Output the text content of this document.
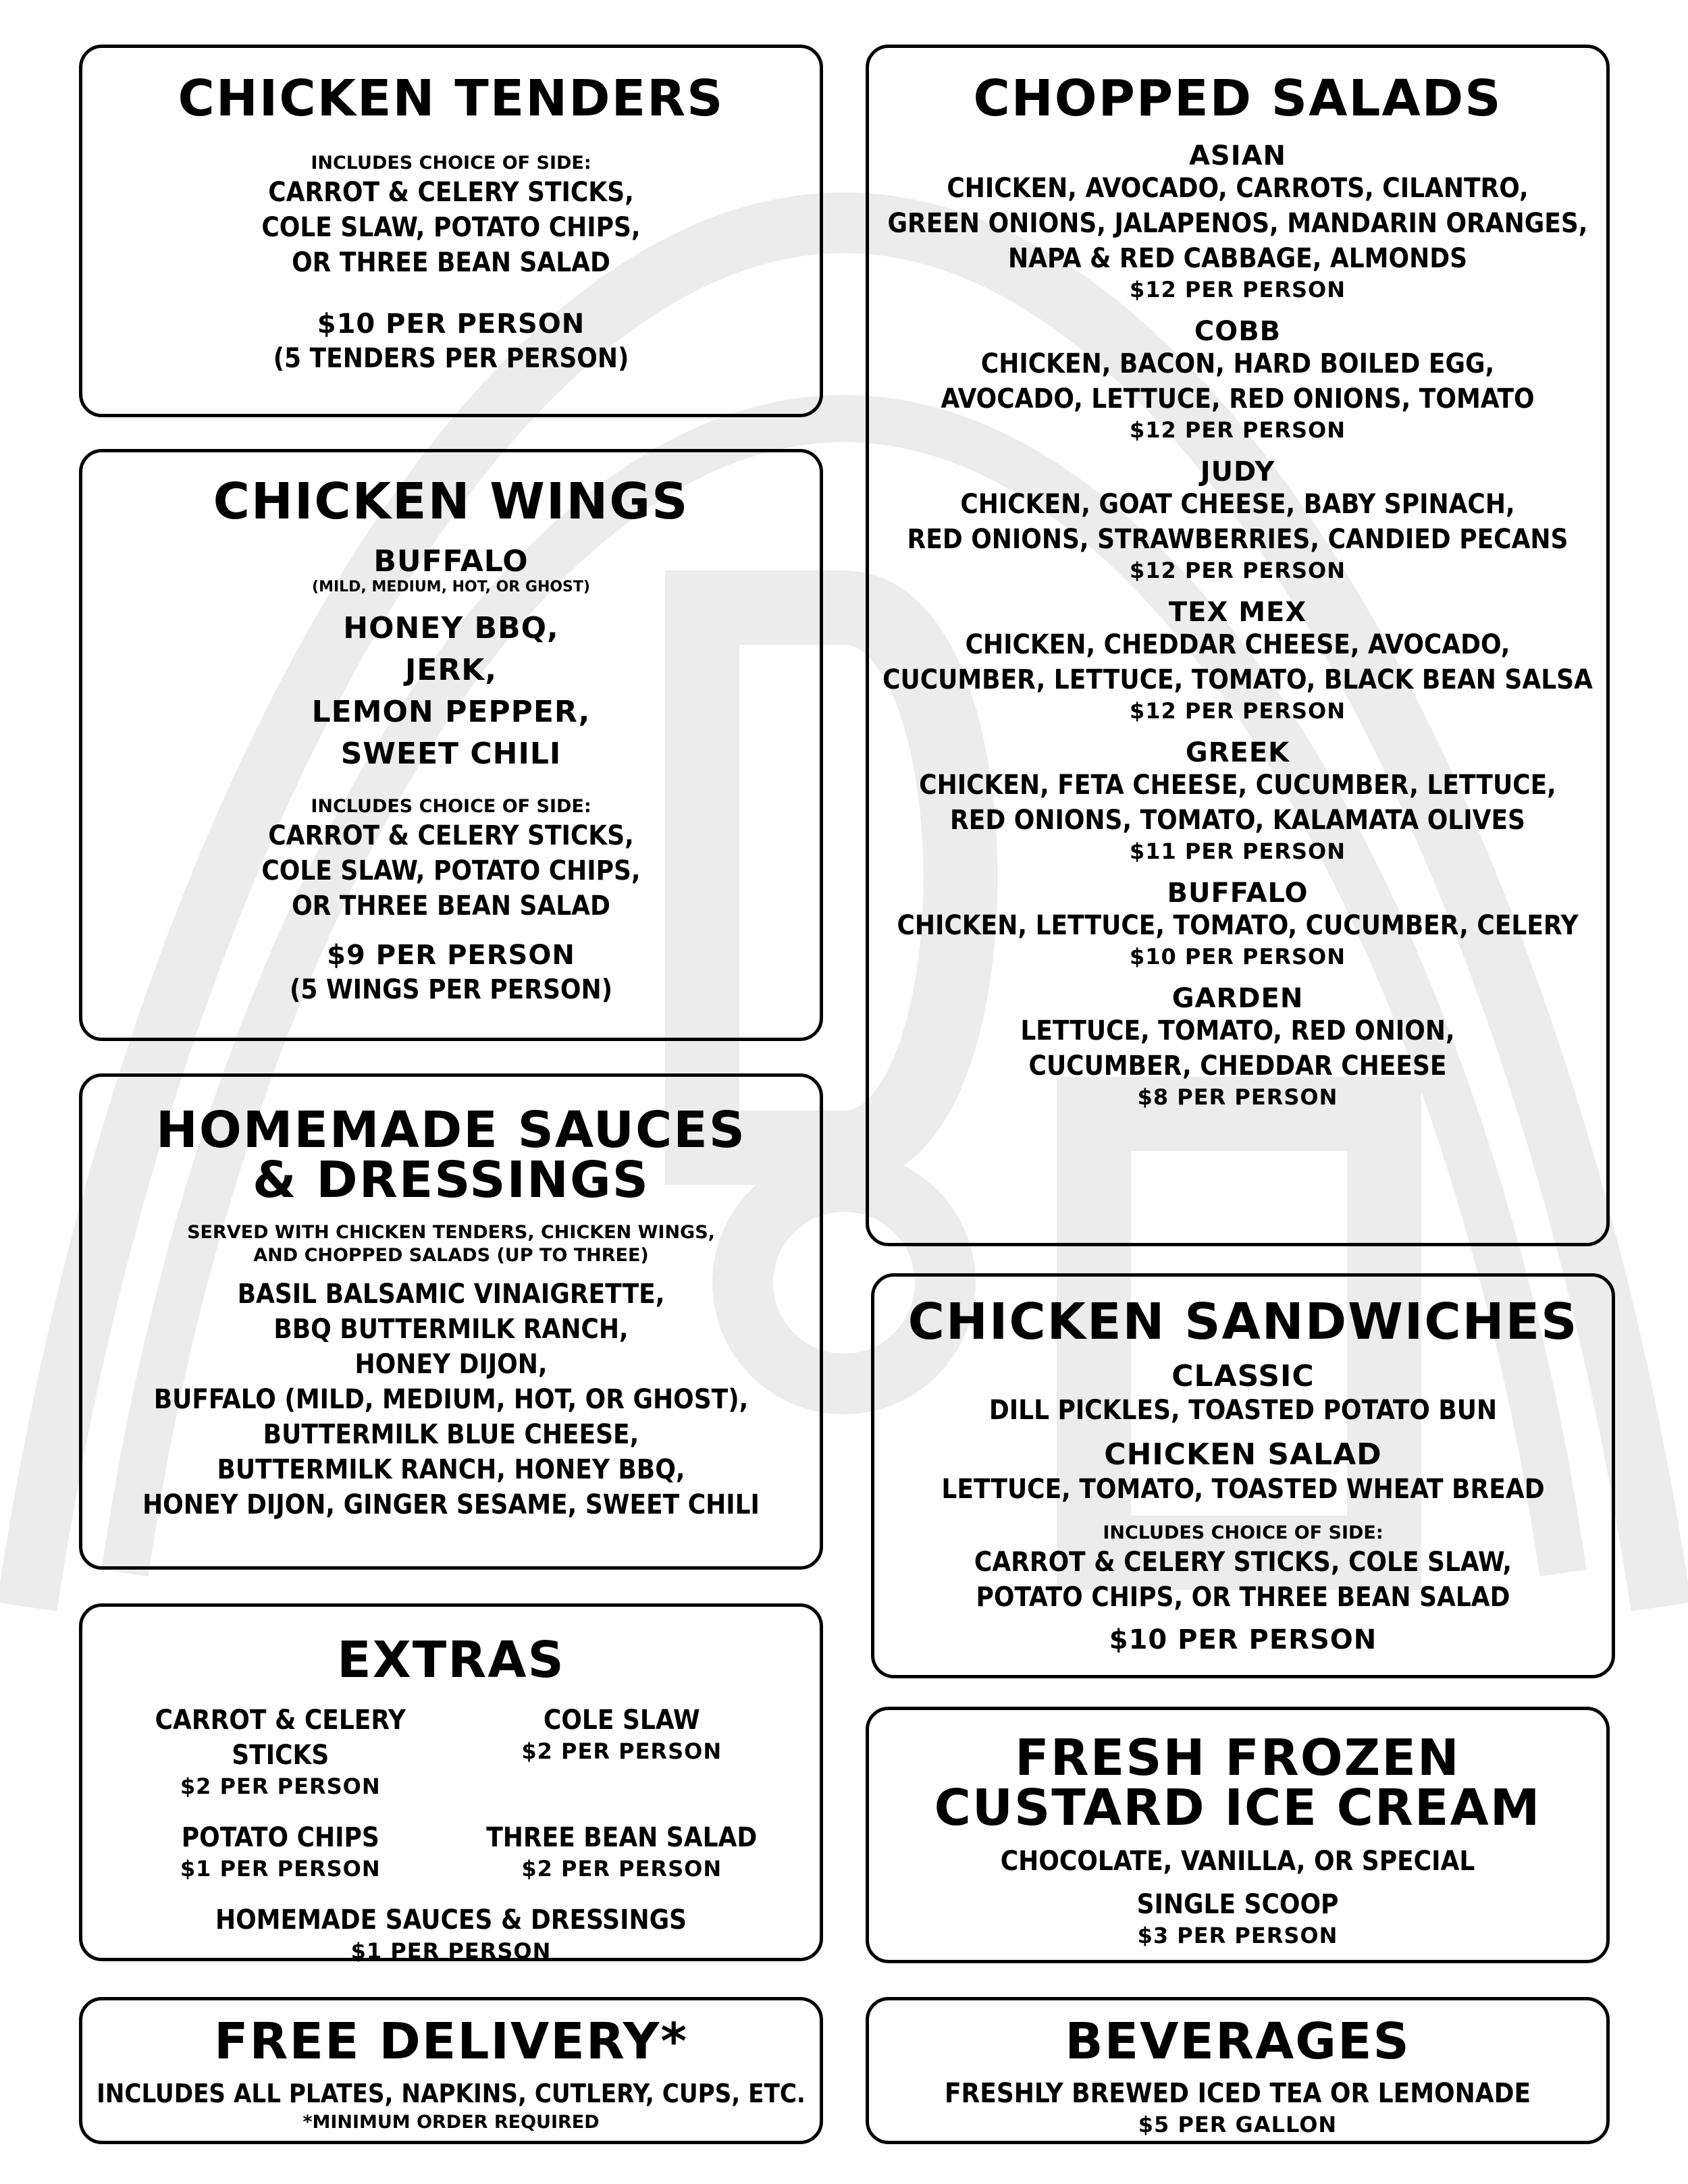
CHICKEN TENDERS
INCLUDES CHOICE OF SIDE:
CARROT & CELERY STICKS,
COLE SLAW, POTATO CHIPS,
OR THREE BEAN SALAD
$10 PER PERSON
(5 TENDERS PER PERSON)
CHICKEN WINGS
BUFFALO
(MILD, MEDIUM, HOT, OR GHOST)
HONEY BBQ,
JERK,
LEMON PEPPER,
SWEET CHILI
INCLUDES CHOICE OF SIDE:
CARROT & CELERY STICKS,
COLE SLAW, POTATO CHIPS,
OR THREE BEAN SALAD
$9 PER PERSON
(5 WINGS PER PERSON)
HOMEMADE SAUCES
& DRESSINGS
SERVED WITH CHICKEN TENDERS, CHICKEN WINGS,
AND CHOPPED SALADS (UP TO THREE)
BASIL BALSAMIC VINAIGRETTE,
BBQ BUTTERMILK RANCH,
HONEY DIJON,
BUFFALO (MILD, MEDIUM, HOT, OR GHOST),
BUTTERMILK BLUE CHEESE,
BUTTERMILK RANCH, HONEY BBQ,
HONEY DIJON, GINGER SESAME, SWEET CHILI
EXTRAS
CARROT & CELERY STICKS
$2 PER PERSON
COLE SLAW
$2 PER PERSON
POTATO CHIPS
$1 PER PERSON
THREE BEAN SALAD
$2 PER PERSON
HOMEMADE SAUCES & DRESSINGS
$1 PER PERSON
FREE DELIVERY*
INCLUDES ALL PLATES, NAPKINS, CUTLERY, CUPS, ETC.
*MINIMUM ORDER REQUIRED
CHOPPED SALADS
ASIAN
CHICKEN, AVOCADO, CARROTS, CILANTRO,
GREEN ONIONS, JALAPENOS, MANDARIN ORANGES,
NAPA & RED CABBAGE, ALMONDS
$12 PER PERSON
COBB
CHICKEN, BACON, HARD BOILED EGG,
AVOCADO, LETTUCE, RED ONIONS, TOMATO
$12 PER PERSON
JUDY
CHICKEN, GOAT CHEESE, BABY SPINACH,
RED ONIONS, STRAWBERRIES, CANDIED PECANS
$12 PER PERSON
TEX MEX
CHICKEN, CHEDDAR CHEESE, AVOCADO,
CUCUMBER, LETTUCE, TOMATO, BLACK BEAN SALSA
$12 PER PERSON
GREEK
CHICKEN, FETA CHEESE, CUCUMBER, LETTUCE,
RED ONIONS, TOMATO, KALAMATA OLIVES
$11 PER PERSON
BUFFALO
CHICKEN, LETTUCE, TOMATO, CUCUMBER, CELERY
$10 PER PERSON
GARDEN
LETTUCE, TOMATO, RED ONION,
CUCUMBER, CHEDDAR CHEESE
$8 PER PERSON
CHICKEN SANDWICHES
CLASSIC
DILL PICKLES, TOASTED POTATO BUN
CHICKEN SALAD
LETTUCE, TOMATO, TOASTED WHEAT BREAD
INCLUDES CHOICE OF SIDE:
CARROT & CELERY STICKS, COLE SLAW,
POTATO CHIPS, OR THREE BEAN SALAD
$10 PER PERSON
FRESH FROZEN
CUSTARD ICE CREAM
CHOCOLATE, VANILLA, OR SPECIAL
SINGLE SCOOP
$3 PER PERSON
BEVERAGES
FRESHLY BREWED ICED TEA OR LEMONADE
$5 PER GALLON
